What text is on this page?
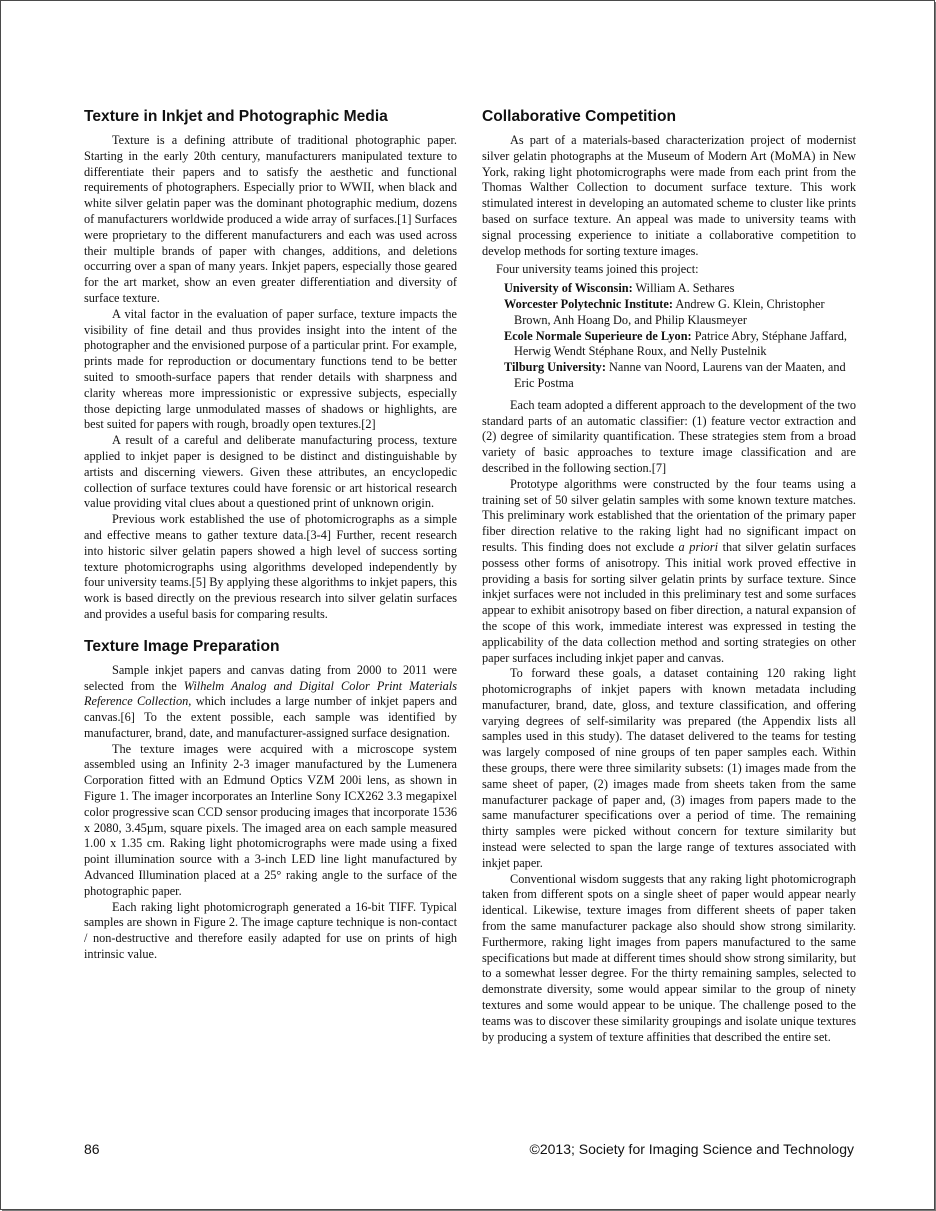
Texture in Inkjet and Photographic Media

Texture is a defining attribute of traditional photographic paper. Starting in the early 20th century, manufacturers manipulated texture to differentiate their papers and to satisfy the aesthetic and functional requirements of photographers. Especially prior to WWII, when black and white silver gelatin paper was the dominant photographic medium, dozens of manufacturers worldwide produced a wide array of surfaces.[1] Surfaces were proprietary to the different manufacturers and each was used across their multiple brands of paper with changes, additions, and deletions occurring over a span of many years. Inkjet papers, especially those geared for the art market, show an even greater differentiation and diversity of surface texture.

A vital factor in the evaluation of paper surface, texture impacts the visibility of fine detail and thus provides insight into the intent of the photographer and the envisioned purpose of a particular print. For example, prints made for reproduction or documentary functions tend to be better suited to smooth-surface papers that render details with sharpness and clarity whereas more impressionistic or expressive subjects, especially those depicting large unmodulated masses of shadows or highlights, are best suited for papers with rough, broadly open textures.[2]

A result of a careful and deliberate manufacturing process, texture applied to inkjet paper is designed to be distinct and distinguishable by artists and discerning viewers. Given these attributes, an encyclopedic collection of surface textures could have forensic or art historical research value providing vital clues about a questioned print of unknown origin.

Previous work established the use of photomicrographs as a simple and effective means to gather texture data.[3-4] Further, recent research into historic silver gelatin papers showed a high level of success sorting texture photomicrographs using algorithms developed independently by four university teams.[5] By applying these algorithms to inkjet papers, this work is based directly on the previous research into silver gelatin surfaces and provides a useful basis for comparing results.

Texture Image Preparation

Sample inkjet papers and canvas dating from 2000 to 2011 were selected from the Wilhelm Analog and Digital Color Print Materials Reference Collection, which includes a large number of inkjet papers and canvas.[6] To the extent possible, each sample was identified by manufacturer, brand, date, and manufacturer-assigned surface designation.

The texture images were acquired with a microscope system assembled using an Infinity 2-3 imager manufactured by the Lumenera Corporation fitted with an Edmund Optics VZM 200i lens, as shown in Figure 1. The imager incorporates an Interline Sony ICX262 3.3 megapixel color progressive scan CCD sensor producing images that incorporate 1536 x 2080, 3.45µm, square pixels. The imaged area on each sample measured 1.00 x 1.35 cm. Raking light photomicrographs were made using a fixed point illumination source with a 3-inch LED line light manufactured by Advanced Illumination placed at a 25° raking angle to the surface of the photographic paper.

Each raking light photomicrograph generated a 16-bit TIFF. Typical samples are shown in Figure 2. The image capture technique is non-contact / non-destructive and therefore easily adapted for use on prints of high intrinsic value.

Collaborative Competition

As part of a materials-based characterization project of modernist silver gelatin photographs at the Museum of Modern Art (MoMA) in New York, raking light photomicrographs were made from each print from the Thomas Walther Collection to document surface texture. This work stimulated interest in developing an automated scheme to cluster like prints based on surface texture. An appeal was made to university teams with signal processing experience to initiate a collaborative competition to develop methods for sorting texture images.

Four university teams joined this project:

University of Wisconsin: William A. Sethares

Worcester Polytechnic Institute: Andrew G. Klein, Christopher Brown, Anh Hoang Do, and Philip Klausmeyer

Ecole Normale Superieure de Lyon: Patrice Abry, Stéphane Jaffard, Herwig Wendt Stéphane Roux, and Nelly Pustelnik

Tilburg University: Nanne van Noord, Laurens van der Maaten, and Eric Postma

Each team adopted a different approach to the development of the two standard parts of an automatic classifier: (1) feature vector extraction and (2) degree of similarity quantification. These strategies stem from a broad variety of basic approaches to texture image classification and are described in the following section.[7]

Prototype algorithms were constructed by the four teams using a training set of 50 silver gelatin samples with some known texture matches. This preliminary work established that the orientation of the primary paper fiber direction relative to the raking light had no significant impact on results. This finding does not exclude a priori that silver gelatin surfaces possess other forms of anisotropy. This initial work proved effective in providing a basis for sorting silver gelatin prints by surface texture. Since inkjet surfaces were not included in this preliminary test and some surfaces appear to exhibit anisotropy based on fiber direction, a natural expansion of the scope of this work, immediate interest was expressed in testing the applicability of the data collection method and sorting strategies on other paper surfaces including inkjet paper and canvas.

To forward these goals, a dataset containing 120 raking light photomicrographs of inkjet papers with known metadata including manufacturer, brand, date, gloss, and texture classification, and offering varying degrees of self-similarity was prepared (the Appendix lists all samples used in this study). The dataset delivered to the teams for testing was largely composed of nine groups of ten paper samples each. Within these groups, there were three similarity subsets: (1) images made from the same sheet of paper, (2) images made from sheets taken from the same manufacturer package of paper and, (3) images from papers made to the same manufacturer specifications over a period of time. The remaining thirty samples were picked without concern for texture similarity but instead were selected to span the large range of textures associated with inkjet paper.

Conventional wisdom suggests that any raking light photomicrograph taken from different spots on a single sheet of paper would appear nearly identical. Likewise, texture images from different sheets of paper taken from the same manufacturer package also should show strong similarity. Furthermore, raking light images from papers manufactured to the same specifications but made at different times should show strong similarity, but to a somewhat lesser degree. For the thirty remaining samples, selected to demonstrate diversity, some would appear similar to the group of ninety textures and some would appear to be unique. The challenge posed to the teams was to discover these similarity groupings and isolate unique textures by producing a system of texture affinities that described the entire set.

86	©2013; Society for Imaging Science and Technology
